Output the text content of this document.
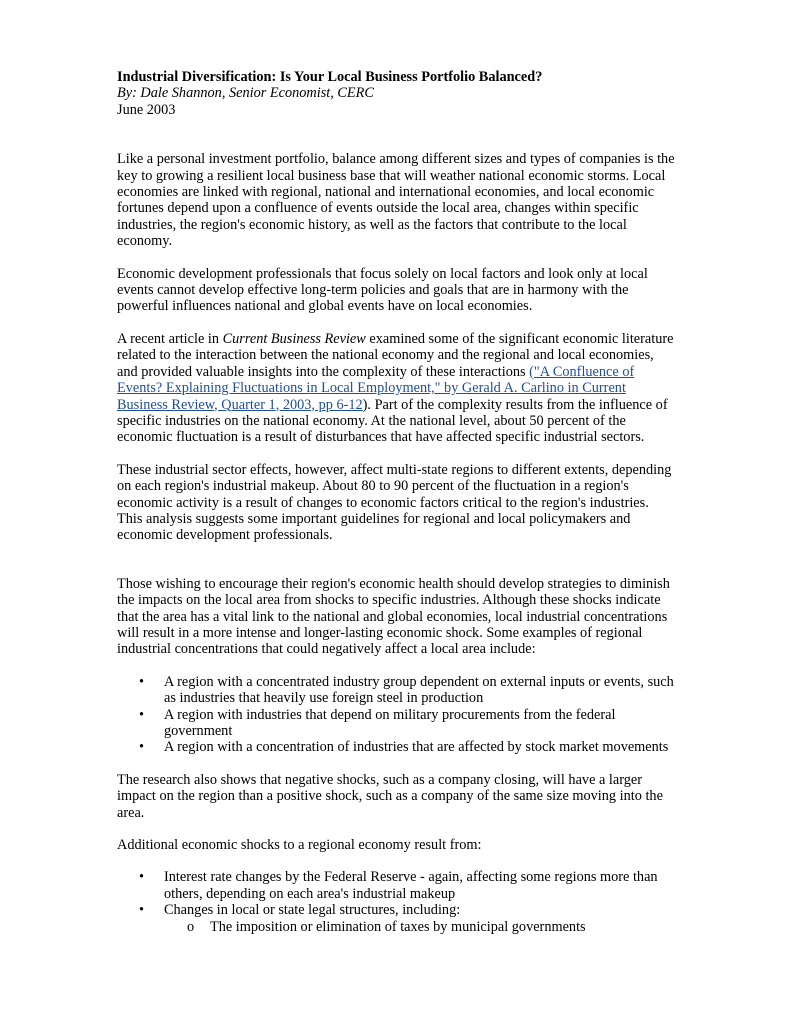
Industrial Diversification: Is Your Local Business Portfolio Balanced?

By: Dale Shannon, Senior Economist, CERC

June 2003

Like a personal investment portfolio, balance among different sizes and types of companies is the key to growing a resilient local business base that will weather national economic storms. Local economies are linked with regional, national and international economies, and local economic fortunes depend upon a confluence of events outside the local area, changes within specific industries, the region's economic history, as well as the factors that contribute to the local economy.

Economic development professionals that focus solely on local factors and look only at local events cannot develop effective long-term policies and goals that are in harmony with the powerful influences national and global events have on local economies.

A recent article in Current Business Review examined some of the significant economic literature related to the interaction between the national economy and the regional and local economies, and provided valuable insights into the complexity of these interactions ("A Confluence of Events? Explaining Fluctuations in Local Employment," by Gerald A. Carlino in Current Business Review, Quarter 1, 2003, pp 6-12). Part of the complexity results from the influence of specific industries on the national economy. At the national level, about 50 percent of the economic fluctuation is a result of disturbances that have affected specific industrial sectors.

These industrial sector effects, however, affect multi-state regions to different extents, depending on each region's industrial makeup. About 80 to 90 percent of the fluctuation in a region's economic activity is a result of changes to economic factors critical to the region's industries. This analysis suggests some important guidelines for regional and local policymakers and economic development professionals.

Those wishing to encourage their region's economic health should develop strategies to diminish the impacts on the local area from shocks to specific industries. Although these shocks indicate that the area has a vital link to the national and global economies, local industrial concentrations will result in a more intense and longer-lasting economic shock. Some examples of regional industrial concentrations that could negatively affect a local area include:

• A region with a concentrated industry group dependent on external inputs or events, such as industries that heavily use foreign steel in production
• A region with industries that depend on military procurements from the federal government
• A region with a concentration of industries that are affected by stock market movements

The research also shows that negative shocks, such as a company closing, will have a larger impact on the region than a positive shock, such as a company of the same size moving into the area.

Additional economic shocks to a regional economy result from:

• Interest rate changes by the Federal Reserve - again, affecting some regions more than others, depending on each area's industrial makeup
• Changes in local or state legal structures, including:
o The imposition or elimination of taxes by municipal governments
